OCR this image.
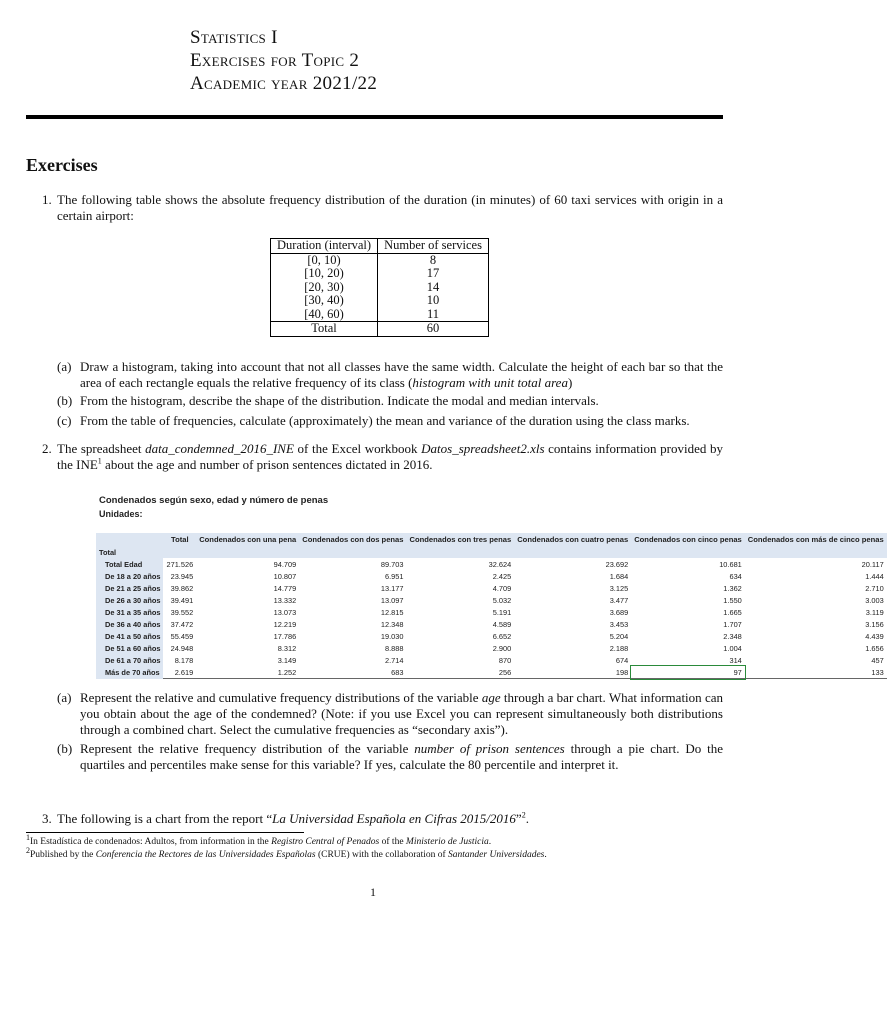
Statistics I
Exercises for Topic 2
Academic year 2021/22
Exercises
1. The following table shows the absolute frequency distribution of the duration (in minutes) of 60 taxi services with origin in a certain airport:
Duration (interval)	Number of services
[0, 10)	8
[10, 20)	17
[20, 30)	14
[30, 40)	10
[40, 60)	11
Total	60
(a) Draw a histogram, taking into account that not all classes have the same width. Calculate the height of each bar so that the area of each rectangle equals the relative frequency of its class (histogram with unit total area)
(b) From the histogram, describe the shape of the distribution. Indicate the modal and median intervals.
(c) From the table of frequencies, calculate (approximately) the mean and variance of the duration using the class marks.
2. The spreadsheet data_condemned_2016_INE of the Excel workbook Datos_spreadsheet2.xls contains information provided by the INE$^1$ about the age and number of prison sentences dictated in 2016.
Condenados según sexo, edad y número de penas
Unidades:
	Total	Condenados con una pena	Condenados con dos penas	Condenados con tres penas	Condenados con cuatro penas	Condenados con cinco penas	Condenados con más de cinco penas
Total							
Total Edad	271.526	94.709	89.703	32.624	23.692	10.681	20.117
De 18 a 20 años	23.945	10.807	6.951	2.425	1.684	634	1.444
De 21 a 25 años	39.862	14.779	13.177	4.709	3.125	1.362	2.710
De 26 a 30 años	39.491	13.332	13.097	5.032	3.477	1.550	3.003
De 31 a 35 años	39.552	13.073	12.815	5.191	3.689	1.665	3.119
De 36 a 40 años	37.472	12.219	12.348	4.589	3.453	1.707	3.156
De 41 a 50 años	55.459	17.786	19.030	6.652	5.204	2.348	4.439
De 51 a 60 años	24.948	8.312	8.888	2.900	2.188	1.004	1.656
De 61 a 70 años	8.178	3.149	2.714	870	674	314	457
Más de 70 años	2.619	1.252	683	256	198	97	133
(a) Represent the relative and cumulative frequency distributions of the variable age through a bar chart. What information can you obtain about the age of the condemned? (Note: if you use Excel you can represent simultaneously both distributions through a combined chart. Select the cumulative frequencies as “secondary axis”).
(b) Represent the relative frequency distribution of the variable number of prison sentences through a pie chart. Do the quartiles and percentiles make sense for this variable? If yes, calculate the 80 percentile and interpret it.
3. The following is a chart from the report “La Universidad Española en Cifras 2015/2016”$^2$.
$^1$In Estadística de condenados: Adultos, from information in the Registro Central of Penados of the Ministerio de Justicia.
$^2$Published by the Conferencia the Rectores de las Universidades Españolas (CRUE) with the collaboration of Santander Universidades.
1
